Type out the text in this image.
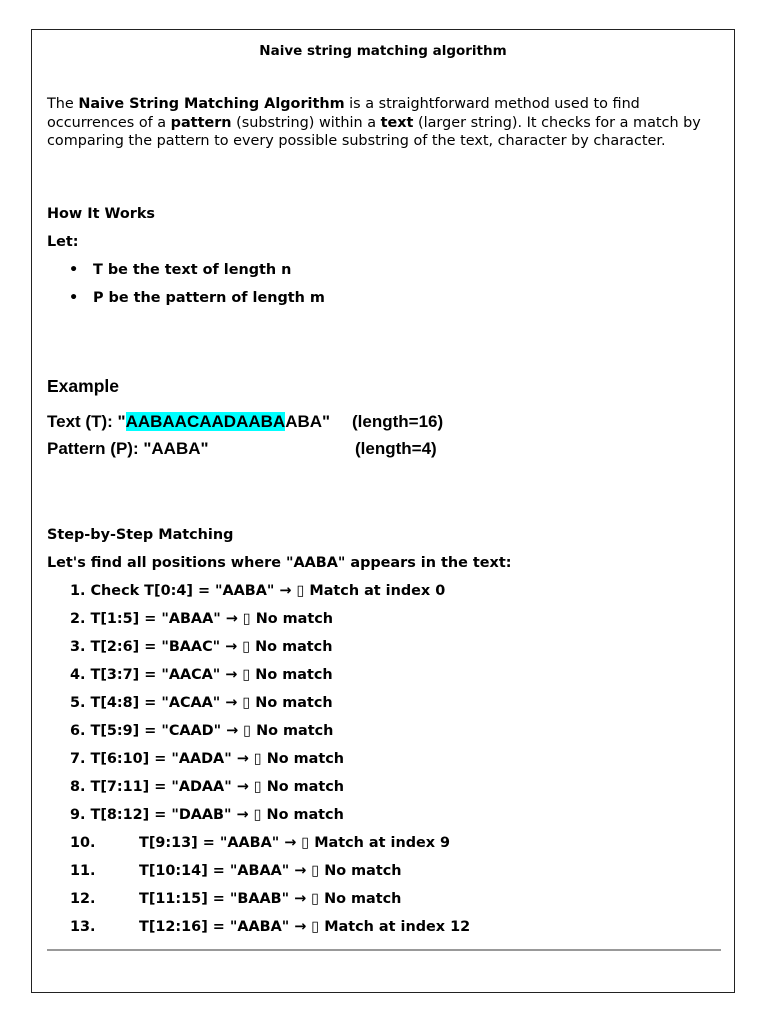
Naive string matching algorithm
The Naive String Matching Algorithm is a straightforward method used to find occurrences of a pattern (substring) within a text (larger string). It checks for a match by comparing the pattern to every possible substring of the text, character by character.
How It Works
Let:
• T be the text of length n
• P be the pattern of length m
Example
Text (T): "AABAACAADAABAABA" (length=16)
Pattern (P): "AABA"	(length=4)
Step-by-Step Matching
Let's find all positions where "AABA" appears in the text:
1. Check T[0:4] = "AABA" → ▯ Match at index 0
2. T[1:5] = "ABAA" → ▯ No match
3. T[2:6] = "BAAC" → ▯ No match
4. T[3:7] = "AACA" → ▯ No match
5. T[4:8] = "ACAA" → ▯ No match
6. T[5:9] = "CAAD" → ▯ No match
7. T[6:10] = "AADA" → ▯ No match
8. T[7:11] = "ADAA" → ▯ No match
9. T[8:12] = "DAAB" → ▯ No match
10.	T[9:13] = "AABA" → ▯ Match at index 9
11.	T[10:14] = "ABAA" → ▯ No match
12.	T[11:15] = "BAAB" → ▯ No match
13.	T[12:16] = "AABA" → ▯ Match at index 12
